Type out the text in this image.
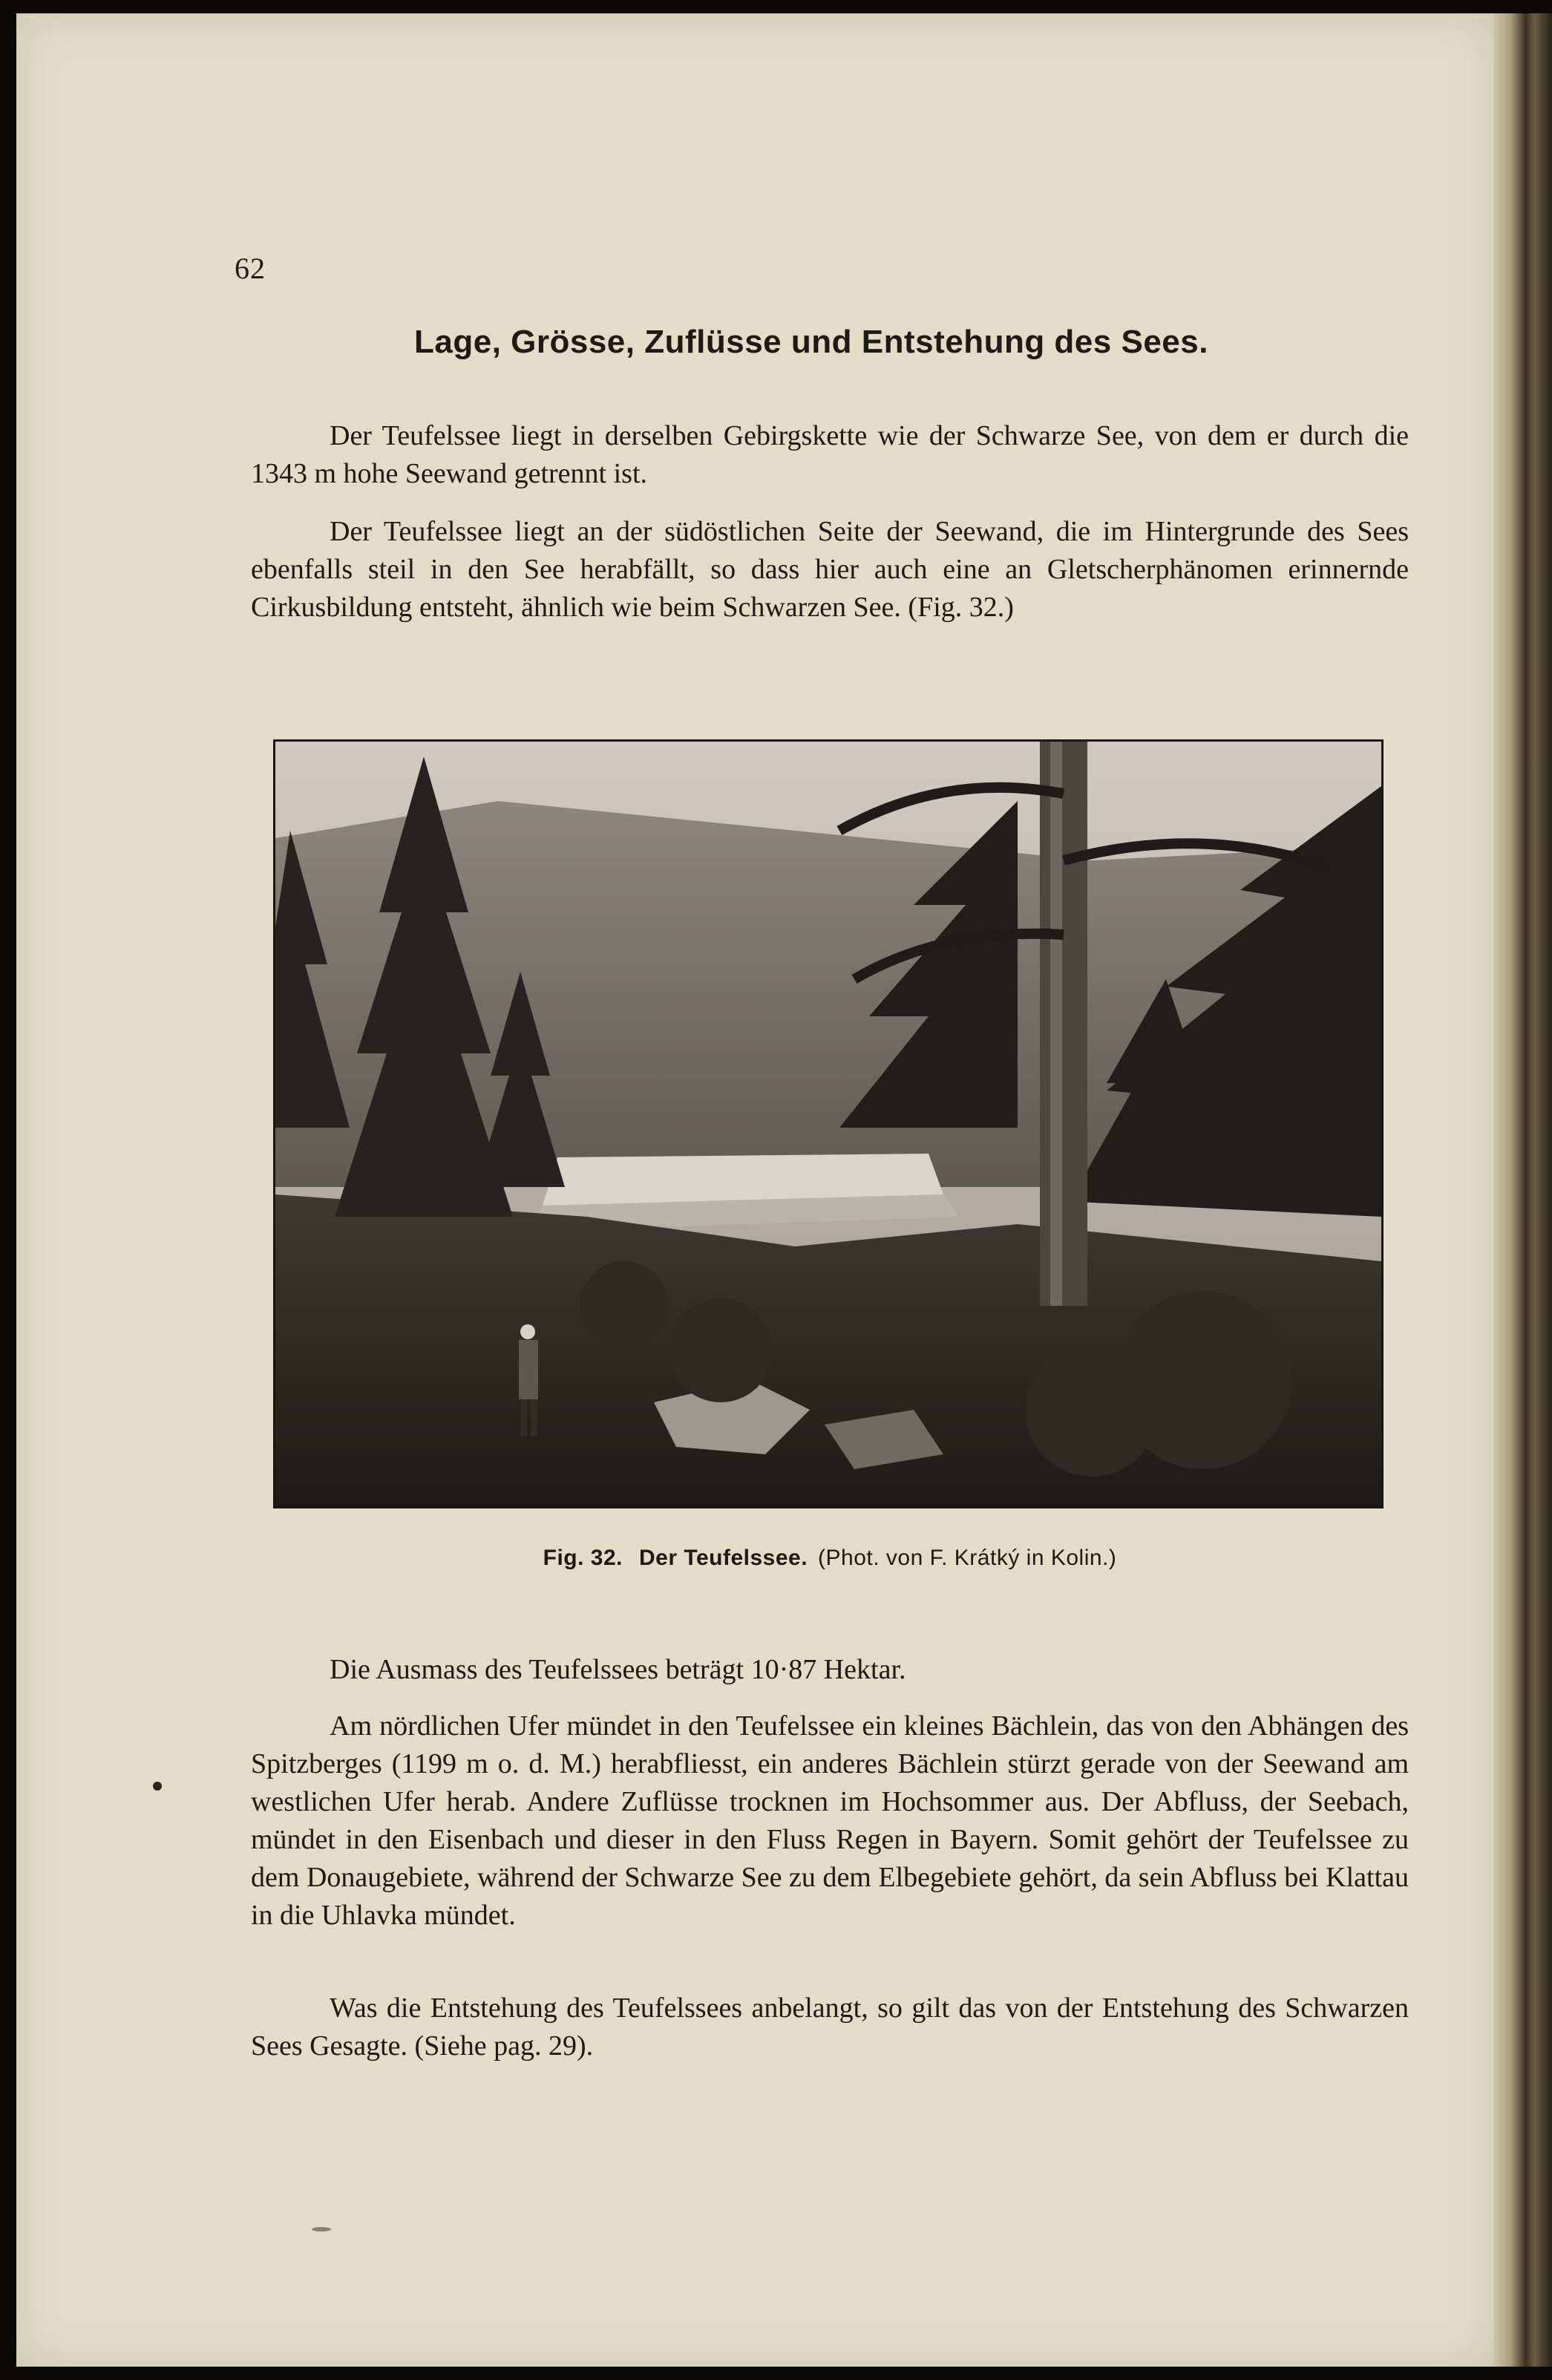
62
Lage, Grösse, Zuflüsse und Entstehung des Sees.

Der Teufelssee liegt in derselben Gebirgskette wie der Schwarze See, von dem er durch die 1343 m hohe Seewand getrennt ist.

Der Teufelssee liegt an der südöstlichen Seite der Seewand, die im Hintergrunde des Sees ebenfalls steil in den See herabfällt, so dass hier auch eine an Gletscherphänomen erinnernde Cirkusbildung entsteht, ähnlich wie beim Schwarzen See. (Fig. 32.)

Fig. 32. Der Teufelssee. (Phot. von F. Krátký in Kolin.)

Die Ausmass des Teufelssees beträgt 10·87 Hektar.

Am nördlichen Ufer mündet in den Teufelssee ein kleines Bächlein, das von den Abhängen des Spitzberges (1199 m o. d. M.) herabfliesst, ein anderes Bächlein stürzt gerade von der Seewand am westlichen Ufer herab. Andere Zuflüsse trocknen im Hochsommer aus. Der Abfluss, der Seebach, mündet in den Eisenbach und dieser in den Fluss Regen in Bayern. Somit gehört der Teufelssee zu dem Donaugebiete, während der Schwarze See zu dem Elbegebiete gehört, da sein Abfluss bei Klattau in die Uhlavka mündet.

Was die Entstehung des Teufelssees anbelangt, so gilt das von der Entstehung des Schwarzen Sees Gesagte. (Siehe pag. 29).
